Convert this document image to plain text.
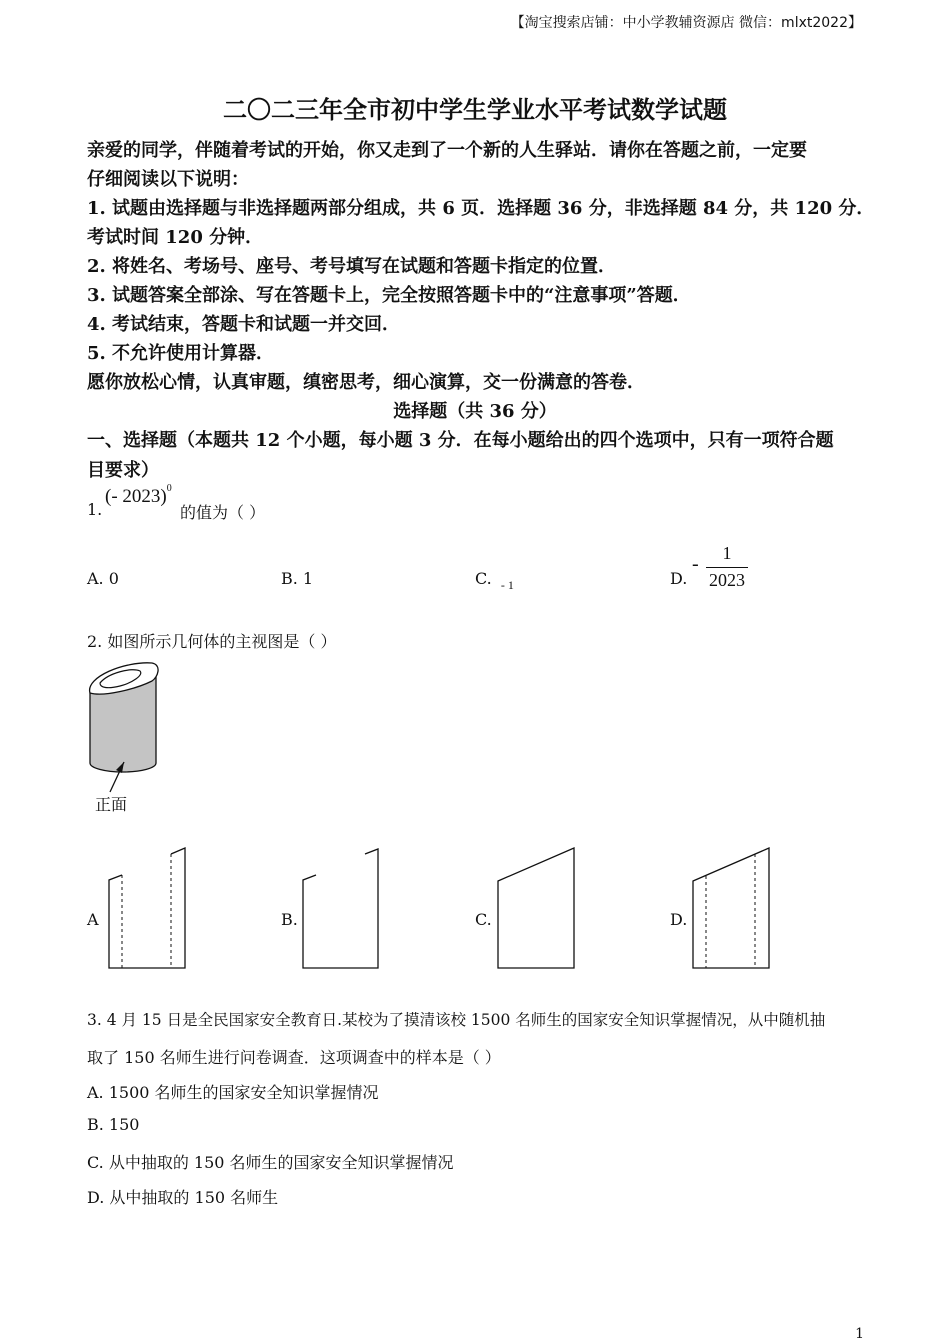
【淘宝搜索店铺：中小学教辅资源店 微信：mlxt2022】
二〇二三年全市初中学生学业水平考试数学试题
亲爱的同学，伴随着考试的开始，你又走到了一个新的人生驿站．请你在答题之前，一定要
仔细阅读以下说明：
1. 试题由选择题与非选择题两部分组成，共 6 页．选择题 36 分，非选择题 84 分，共 120 分．
考试时间 120 分钟．
2. 将姓名、考场号、座号、考号填写在试题和答题卡指定的位置．
3. 试题答案全部涂、写在答题卡上，完全按照答题卡中的“注意事项”答题．
4. 考试结束，答题卡和试题一并交回．
5. 不允许使用计算器．
愿你放松心情，认真审题，缜密思考，细心演算，交一份满意的答卷．
选择题（共 36 分）
一、选择题（本题共 12 个小题，每小题 3 分．在每小题给出的四个选项中，只有一项符合题
目要求）
1.
(- 2023)$^0$
的值为（ ）
A. 0	B. 1	C. $_{- 1}$	D.
-	1
2023
2. 如图所示几何体的主视图是（ ）
正面
A	B.	C.	D.
3. 4 月 15 日是全民国家安全教育日.某校为了摸清该校 1500 名师生的国家安全知识掌握情况，从中随机抽
取了 150 名师生进行问卷调查．这项调查中的样本是（ ）
A. 1500 名师生的国家安全知识掌握情况
B. 150
C. 从中抽取的 150 名师生的国家安全知识掌握情况
D. 从中抽取的 150 名师生
1
